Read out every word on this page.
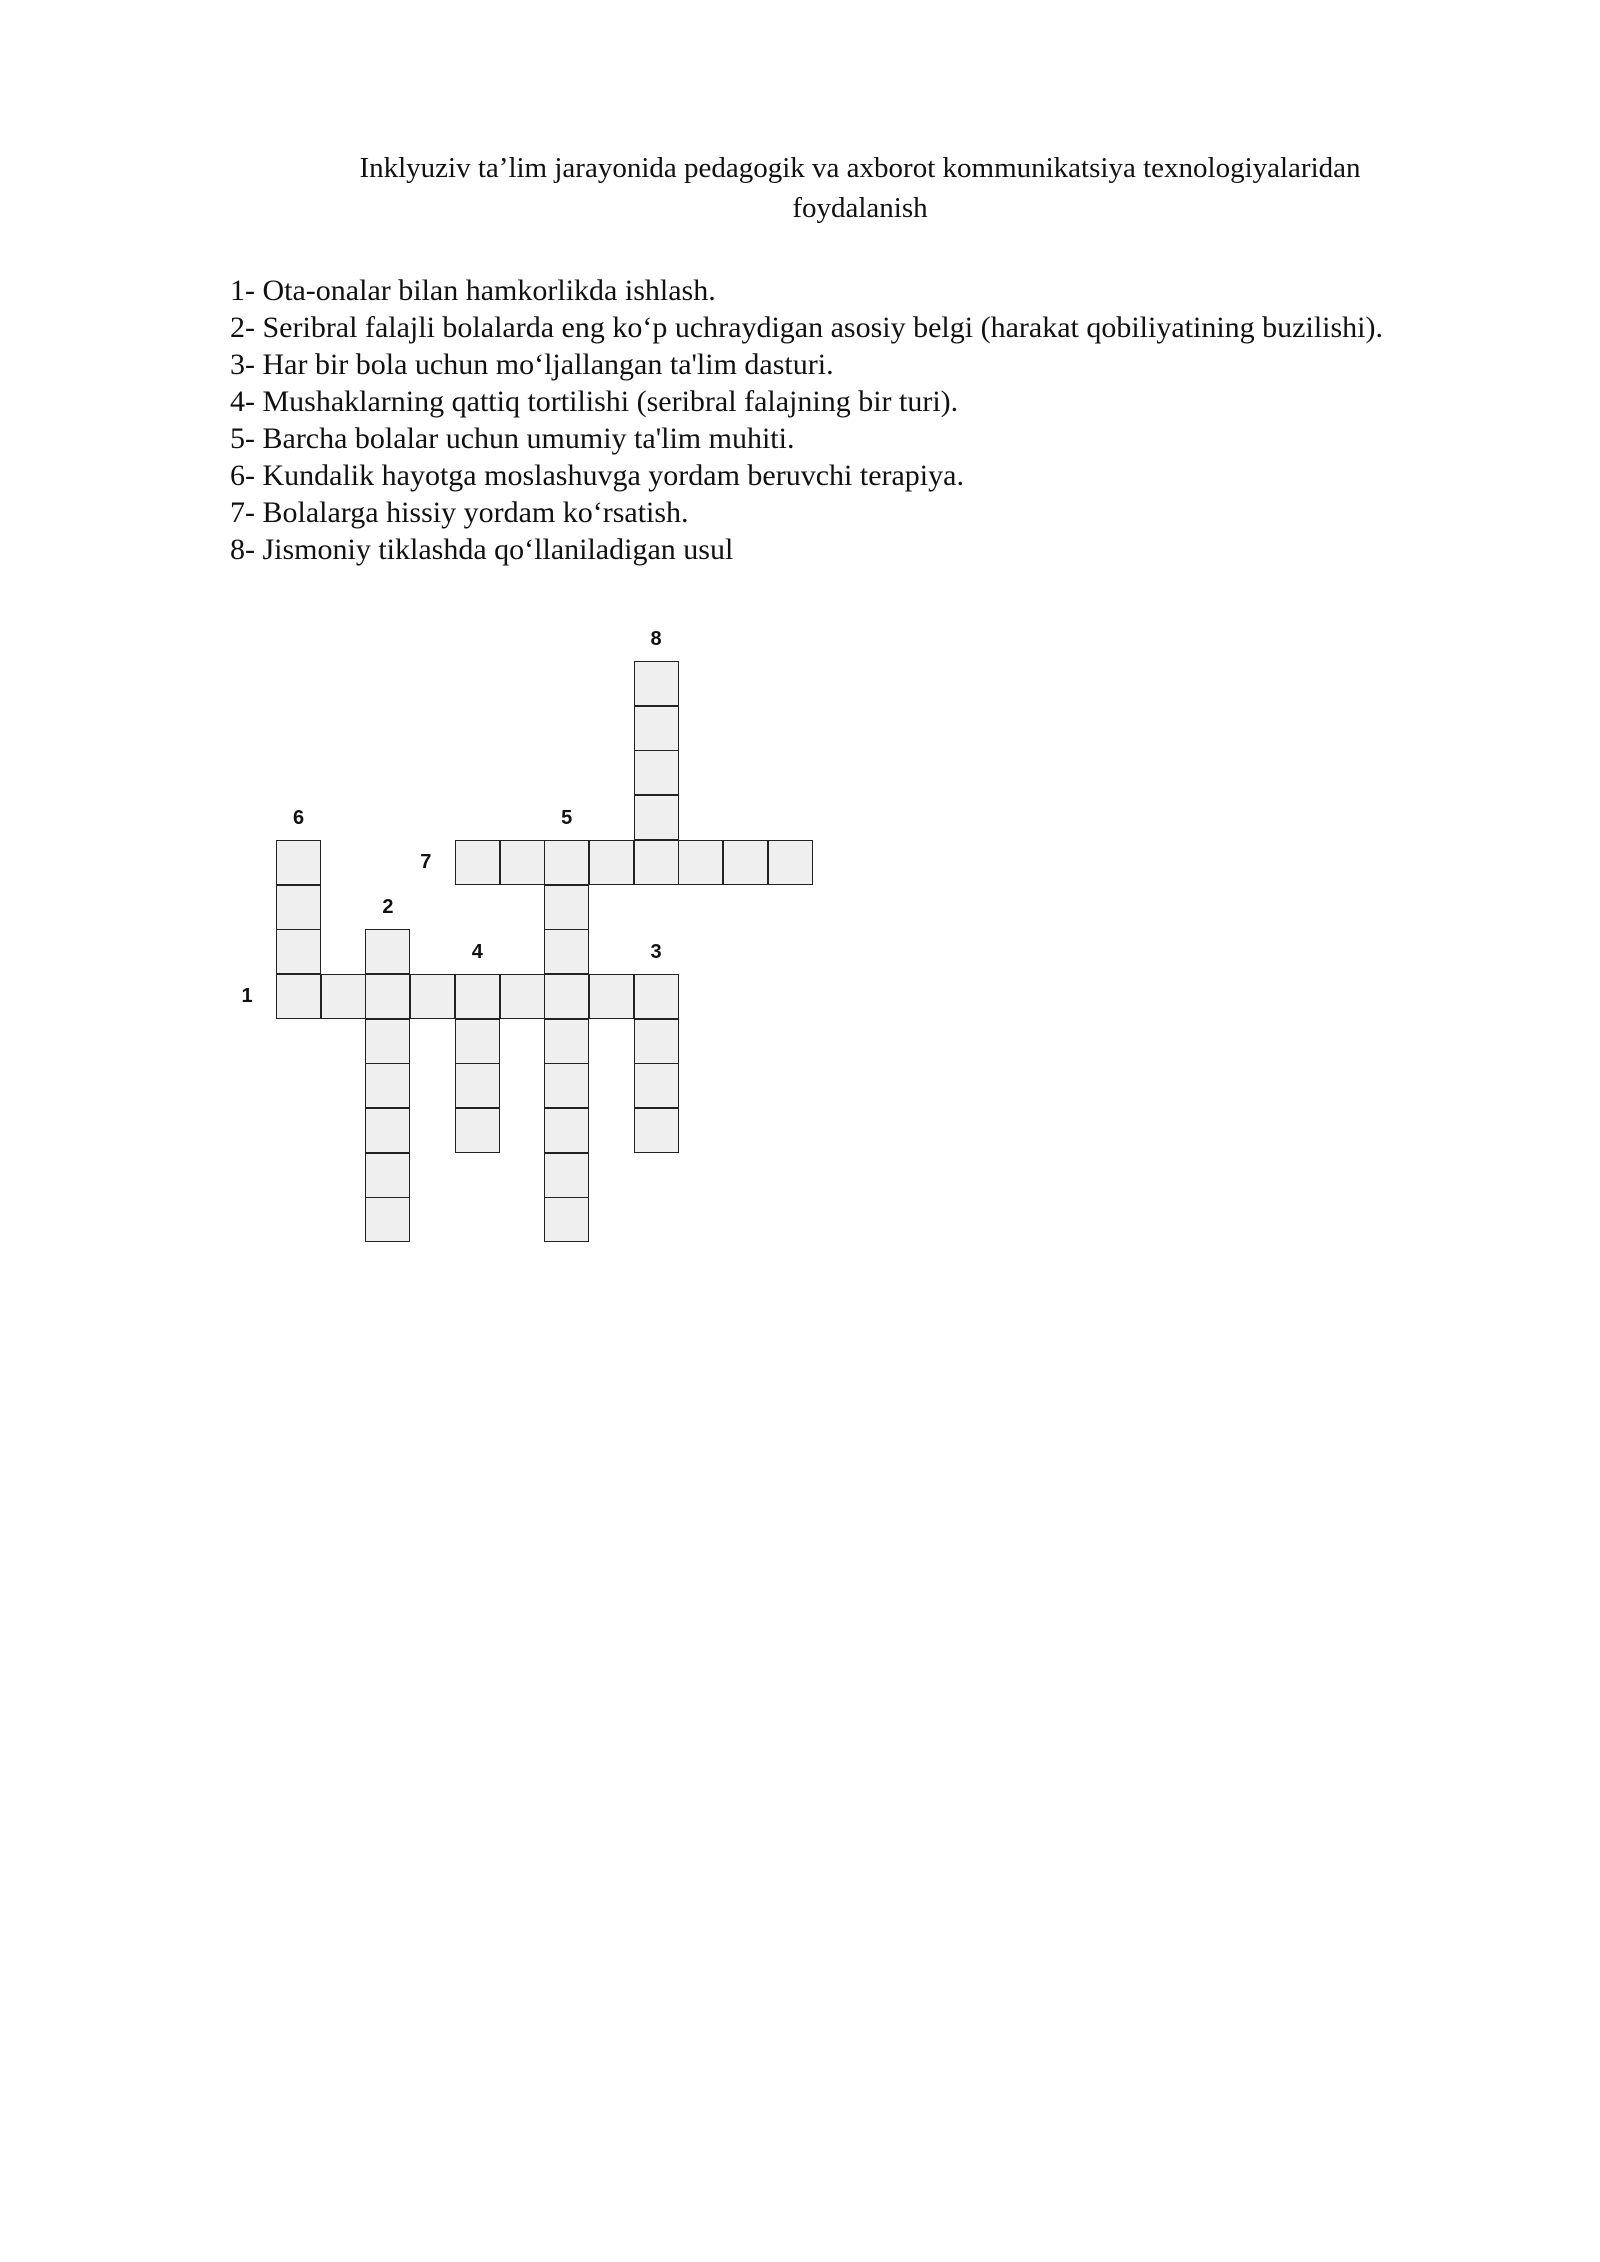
Inklyuziv ta’lim jarayonida pedagogik va axborot kommunikatsiya texnologiyalaridan
foydalanish
1- Ota-onalar bilan hamkorlikda ishlash.
2- Seribral falajli bolalarda eng ko‘p uchraydigan asosiy belgi (harakat qobiliyatining buzilishi).
3- Har bir bola uchun mo‘ljallangan ta'lim dasturi.
4- Mushaklarning qattiq tortilishi (seribral falajning bir turi).
5- Barcha bolalar uchun umumiy ta'lim muhiti.
6- Kundalik hayotga moslashuvga yordam beruvchi terapiya.
7- Bolalarga hissiy yordam ko‘rsatish.
8- Jismoniy tiklashda qo‘llaniladigan usul
1
2
3
4
5
6
7
8
